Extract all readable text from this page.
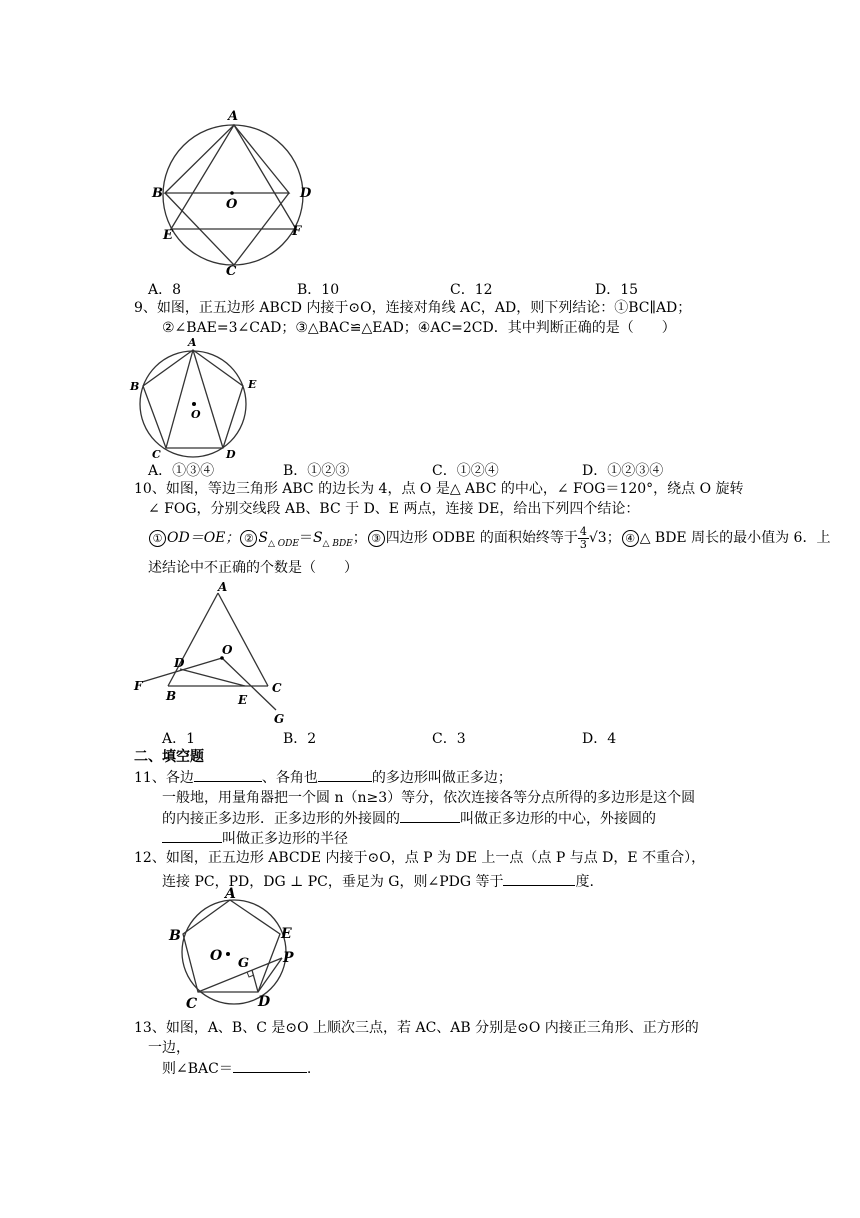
A
B	D
O
E	F
C
A．8	B．10	C．12	D．15
9、如图，正五边形 ABCD 内接于⊙O，连接对角线 AC，AD，则下列结论：①BC∥AD；
②∠BAE=3∠CAD；③△BAC≌△EAD；④AC=2CD．其中判断正确的是（　　）
A
B	E
O
C	D
A．①③④	B．①②③	C．①②④	D．①②③④
10、如图，等边三角形 ABC 的边长为 4，点 O 是△ ABC 的中心，∠ FOG＝120°，绕点 O 旋转
∠ FOG，分别交线段 AB、BC 于 D、E 两点，连接 DE，给出下列四个结论：
① OD＝OE； ② $S_{\triangle ODE}=S_{\triangle BDE}$； ③ 四边形 ODBE 的面积始终等于 $\frac{4}{3} √3$； ④ △ BDE 周长的最小值为 6．上
述结论中不正确的个数是（　　）
A
O
D
F
B	E
C
G
A．1	B．2	C．3	D．4
二、填空题
11、各边	、各角也	的多边形叫做正多边；
一般地，用量角器把一个圆 n（n≥3）等分，依次连接各等分点所得的多边形是这个圆
的内接正多边形．正多边形的外接圆的	叫做正多边形的中心，外接圆的
叫做正多边形的半径
12、如图，正五边形 ABCDE 内接于⊙O，点 P 为 DE 上一点（点 P 与点 D，E 不重合），
连接 PC，PD，DG ⊥ PC，垂足为 G，则∠PDG 等于	度.
A
B	E
O G P
C	D
13、如图，A、B、C 是⊙O 上顺次三点，若 AC、AB 分别是⊙O 内接正三角形、正方形的
一边，
则∠BAC＝	.
